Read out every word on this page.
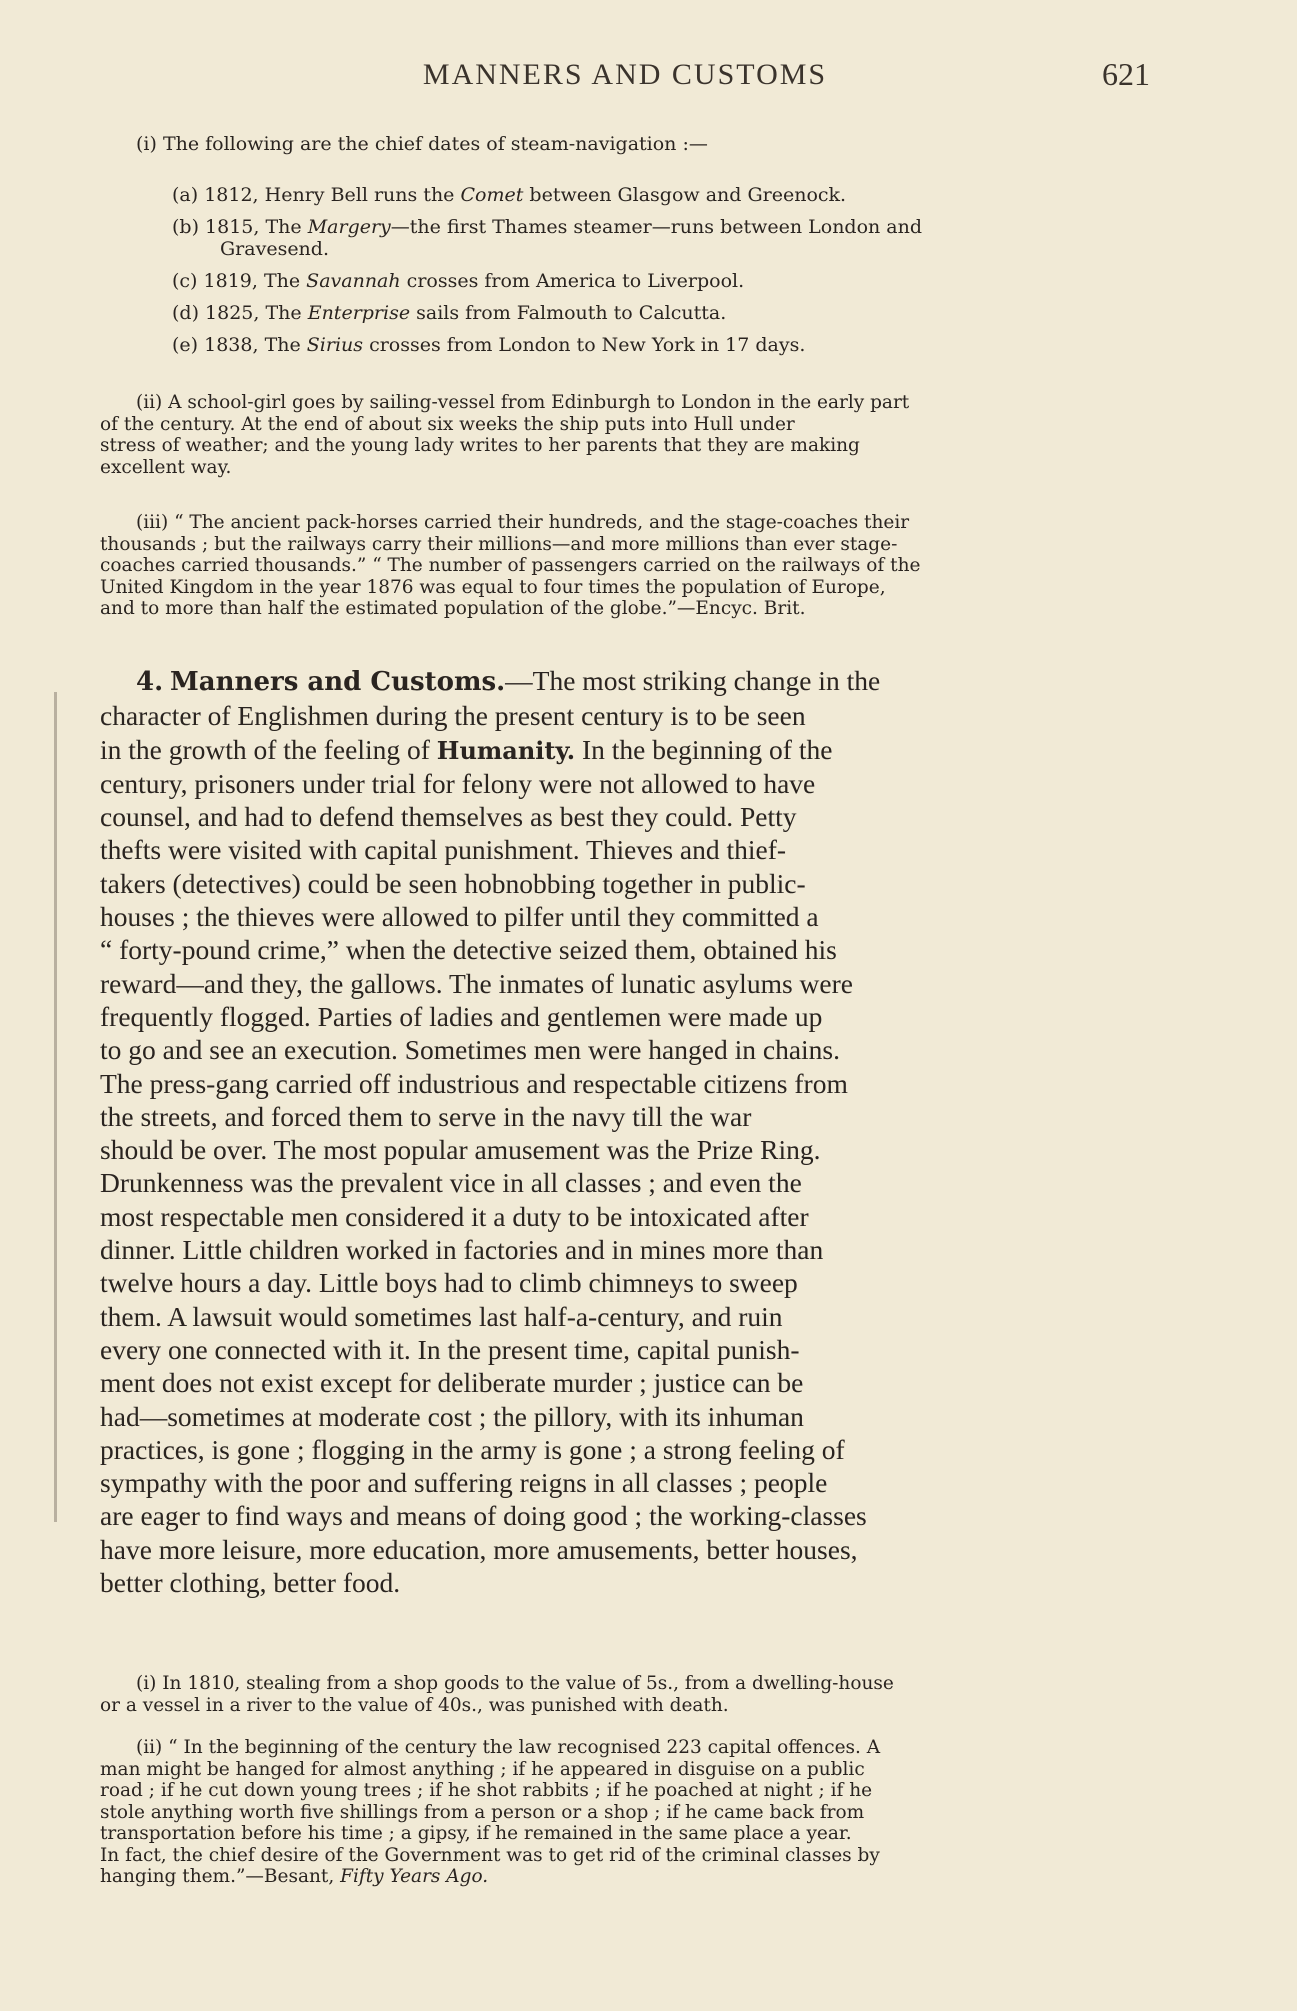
MANNERS AND CUSTOMS	621
(i) The following are the chief dates of steam-navigation :—
(a) 1812, Henry Bell runs the Comet between Glasgow and Greenock.
(b) 1815, The Margery—the first Thames steamer—runs between London and
Gravesend.
(c) 1819, The Savannah crosses from America to Liverpool.
(d) 1825, The Enterprise sails from Falmouth to Calcutta.
(e) 1838, The Sirius crosses from London to New York in 17 days.

(ii) A school-girl goes by sailing-vessel from Edinburgh to London in the early part

of the century. At the end of about six weeks the ship puts into Hull under

stress of weather; and the young lady writes to her parents that they are making

excellent way.

(iii) “ The ancient pack-horses carried their hundreds, and the stage-coaches their

thousands ; but the railways carry their millions—and more millions than ever stage-

coaches carried thousands.” “ The number of passengers carried on the railways of the

United Kingdom in the year 1876 was equal to four times the population of Europe,

and to more than half the estimated population of the globe.”—Encyc. Brit.

4. Manners and Customs.—The most striking change in the
character of Englishmen during the present century is to be seen
in the growth of the feeling of Humanity. In the beginning of the
century, prisoners under trial for felony were not allowed to have
counsel, and had to defend themselves as best they could. Petty
thefts were visited with capital punishment. Thieves and thief-
takers (detectives) could be seen hobnobbing together in public-
houses ; the thieves were allowed to pilfer until they committed a
“ forty-pound crime,” when the detective seized them, obtained his
reward—and they, the gallows. The inmates of lunatic asylums were
frequently flogged. Parties of ladies and gentlemen were made up
to go and see an execution. Sometimes men were hanged in chains.
The press-gang carried off industrious and respectable citizens from
the streets, and forced them to serve in the navy till the war
should be over. The most popular amusement was the Prize Ring.
Drunkenness was the prevalent vice in all classes ; and even the
most respectable men considered it a duty to be intoxicated after
dinner. Little children worked in factories and in mines more than
twelve hours a day. Little boys had to climb chimneys to sweep
them. A lawsuit would sometimes last half-a-century, and ruin
every one connected with it. In the present time, capital punish-
ment does not exist except for deliberate murder ; justice can be
had—sometimes at moderate cost ; the pillory, with its inhuman
practices, is gone ; flogging in the army is gone ; a strong feeling of
sympathy with the poor and suffering reigns in all classes ; people
are eager to find ways and means of doing good ; the working-classes
have more leisure, more education, more amusements, better houses,
better clothing, better food.

(i) In 1810, stealing from a shop goods to the value of 5s., from a dwelling-house

or a vessel in a river to the value of 40s., was punished with death.

(ii) “ In the beginning of the century the law recognised 223 capital offences. A

man might be hanged for almost anything ; if he appeared in disguise on a public

road ; if he cut down young trees ; if he shot rabbits ; if he poached at night ; if he

stole anything worth five shillings from a person or a shop ; if he came back from

transportation before his time ; a gipsy, if he remained in the same place a year.

In fact, the chief desire of the Government was to get rid of the criminal classes by

hanging them.”—Besant, Fifty Years Ago.
